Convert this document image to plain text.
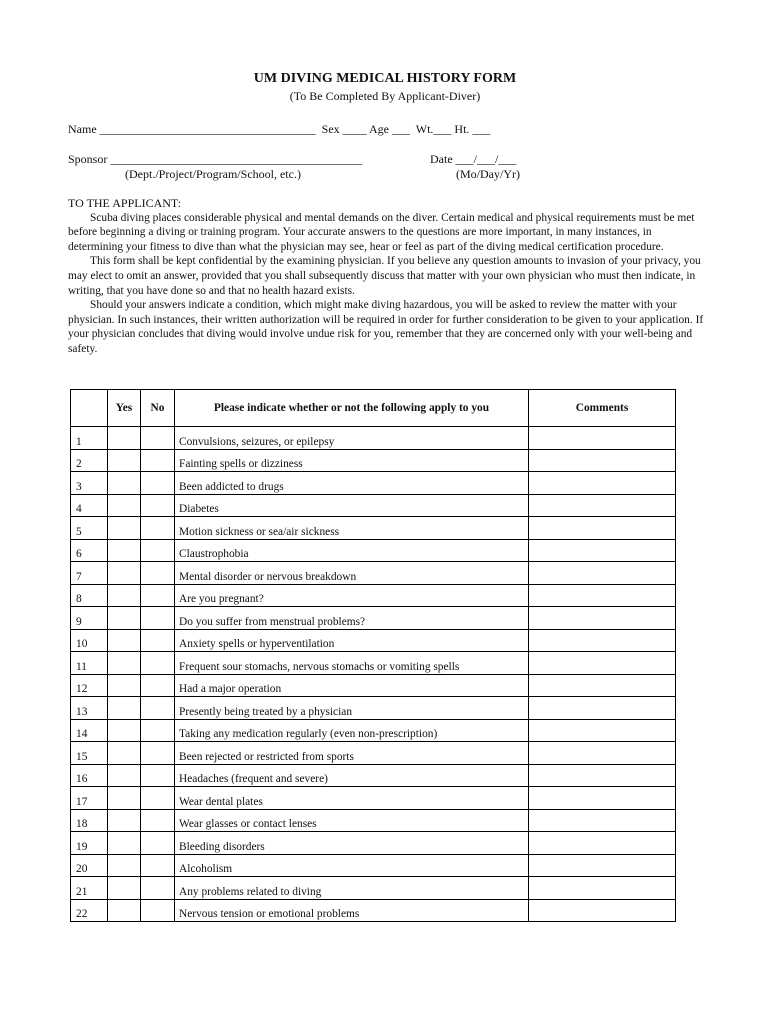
UM DIVING MEDICAL HISTORY FORM
(To Be Completed By Applicant-Diver)
Name ____________________________________  Sex ____ Age ___  Wt.___ Ht. ___
Sponsor __________________________________________
(Dept./Project/Program/School, etc.)
Date ___/___/___
(Mo/Day/Yr)

TO THE APPLICANT:

Scuba diving places considerable physical and mental demands on the diver. Certain medical and physical requirements must be met before beginning a diving or training program. Your accurate answers to the questions are more important, in many instances, in determining your fitness to dive than what the physician may see, hear or feel as part of the diving medical certification procedure.

This form shall be kept confidential by the examining physician. If you believe any question amounts to invasion of your privacy, you may elect to omit an answer, provided that you shall subsequently discuss that matter with your own physician who must then indicate, in writing, that you have done so and that no health hazard exists.

Should your answers indicate a condition, which might make diving hazardous, you will be asked to review the matter with your physician. In such instances, their written authorization will be required in order for further consideration to be given to your application. If your physician concludes that diving would involve undue risk for you, remember that they are concerned only with your well-being and safety.

	Yes	No	Please indicate whether or not the following apply to you	Comments
1			Convulsions, seizures, or epilepsy	
2			Fainting spells or dizziness	
3			Been addicted to drugs	
4			Diabetes	
5			Motion sickness or sea/air sickness	
6			Claustrophobia	
7			Mental disorder or nervous breakdown	
8			Are you pregnant?	
9			Do you suffer from menstrual problems?	
10			Anxiety spells or hyperventilation	
11			Frequent sour stomachs, nervous stomachs or vomiting spells	
12			Had a major operation	
13			Presently being treated by a physician	
14			Taking any medication regularly (even non-prescription)	
15			Been rejected or restricted from sports	
16			Headaches (frequent and severe)	
17			Wear dental plates	
18			Wear glasses or contact lenses	
19			Bleeding disorders	
20			Alcoholism	
21			Any problems related to diving	
22			Nervous tension or emotional problems	
